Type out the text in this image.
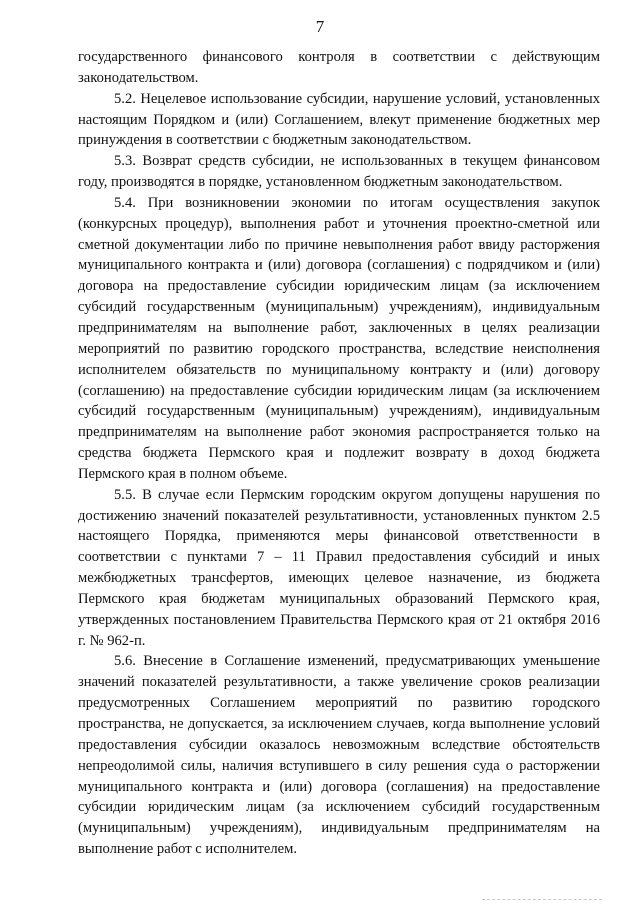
7

государственного финансового контроля в соответствии с действующим законодательством.

5.2. Нецелевое использование субсидии, нарушение условий, установленных настоящим Порядком и (или) Соглашением, влекут применение бюджетных мер принуждения в соответствии с бюджетным законодательством.

5.3. Возврат средств субсидии, не использованных в текущем финансовом году, производятся в порядке, установленном бюджетным законодательством.

5.4. При возникновении экономии по итогам осуществления закупок (конкурсных процедур), выполнения работ и уточнения проектно-сметной или сметной документации либо по причине невыполнения работ ввиду расторжения муниципального контракта и (или) договора (соглашения) с подрядчиком и (или) договора на предоставление субсидии юридическим лицам (за исключением субсидий государственным (муниципальным) учреждениям), индивидуальным предпринимателям на выполнение работ, заключенных в целях реализации мероприятий по развитию городского пространства, вследствие неисполнения исполнителем обязательств по муниципальному контракту и (или) договору (соглашению) на предоставление субсидии юридическим лицам (за исключением субсидий государственным (муниципальным) учреждениям), индивидуальным предпринимателям на выполнение работ экономия распространяется только на средства бюджета Пермского края и подлежит возврату в доход бюджета Пермского края в полном объеме.

5.5. В случае если Пермским городским округом допущены нарушения по достижению значений показателей результативности, установленных пунктом 2.5 настоящего Порядка, применяются меры финансовой ответственности в соответствии с пунктами 7 – 11 Правил предоставления субсидий и иных межбюджетных трансфертов, имеющих целевое назначение, из бюджета Пермского края бюджетам муниципальных образований Пермского края, утвержденных постановлением Правительства Пермского края от 21 октября 2016 г. № 962-п.

5.6. Внесение в Соглашение изменений, предусматривающих уменьшение значений показателей результативности, а также увеличение сроков реализации предусмотренных Соглашением мероприятий по развитию городского пространства, не допускается, за исключением случаев, когда выполнение условий предоставления субсидии оказалось невозможным вследствие обстоятельств непреодолимой силы, наличия вступившего в силу решения суда о расторжении муниципального контракта и (или) договора (соглашения) на предоставление субсидии юридическим лицам (за исключением субсидий государственным (муниципальным) учреждениям), индивидуальным предпринимателям на выполнение работ с исполнителем.
